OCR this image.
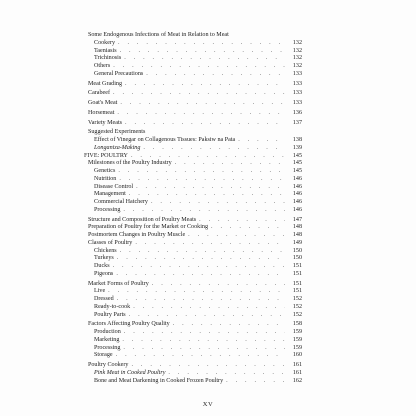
Some Endogenous Infections of Meat in Relation to Meat
Cookery . . .	132
Taeniasis . . .	132
Trichinosis . . .	132
Others . . .	132
General Precautions . . .	133
Meat Grading . . .	133
Carabeef . . .	133
Goat's Meat . . .	133
Horsemeat . . .	136
Variety Meats . . .	137
Suggested Experiments
Effect of Vinegar on Collagenous Tissues: Paksiw na Pata . . .	138
Longaniza-Making . . .	139
FIVE: POULTRY . . .	145
Milestones of the Poultry Industry . . .	145
Genetics . . .	145
Nutrition . . .	146
Disease Control . . .	146
Management . . .	146
Commercial Hatchery . . .	146
Processing . . .	146
Structure and Composition of Poultry Meats . . .	147
Preparation of Poultry for the Market or Cooking . . .	148
Postmortem Changes in Poultry Muscle . . .	148
Classes of Poultry . . .	149
Chickens . . .	150
Turkeys . . .	150
Ducks . . .	151
Pigeons . . .	151
Market Forms of Poultry . . .	151
Live . . .	151
Dressed . . .	152
Ready-to-cook . . .	152
Poultry Parts . . .	152
Factors Affecting Poultry Quality . . .	158
Production . . .	159
Marketing . . .	159
Processing . . .	159
Storage . . .	160
Poultry Cookery . . .	161
Pink Meat in Cooked Poultry . . .	161
Bone and Meat Darkening in Cooked Frozen Poultry . . .	162
XV
